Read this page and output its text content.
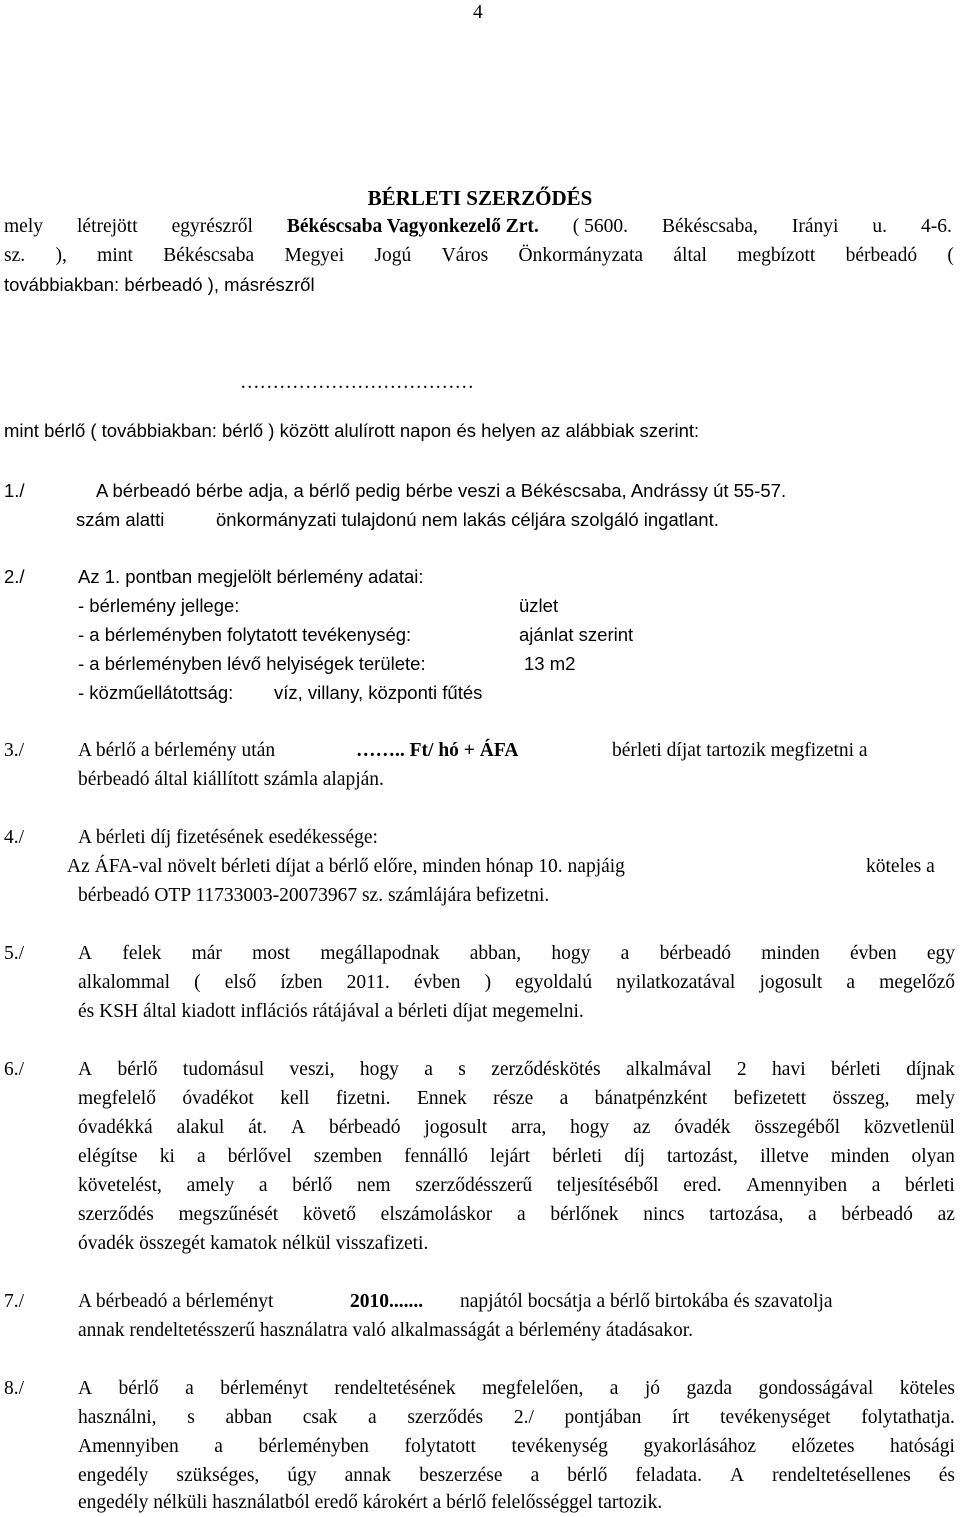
4
BÉRLETI SZERZŐDÉS
mely létrejött egyrészről Békéscsaba Vagyonkezelő Zrt. ( 5600. Békéscsaba, Irányi u. 4-6.
sz. ), mint Békéscsaba Megyei Jogú Város Önkormányzata által megbízott bérbeadó (
továbbiakban: bérbeadó ), másrészről
………………………………
mint bérlő ( továbbiakban: bérlő ) között alulírott napon és helyen az alábbiak szerint:
1./	A bérbeadó bérbe adja, a bérlő pedig bérbe veszi a Békéscsaba, Andrássy út 55-57.
szám alatti	önkormányzati tulajdonú nem lakás céljára szolgáló ingatlant.
2./	Az 1. pontban megjelölt bérlemény adatai:
- bérlemény jellege:	üzlet
- a bérleményben folytatott tevékenység:	ajánlat szerint
- a bérleményben lévő helyiségek területe:	13 m2
- közműellátottság: víz, villany, központi fűtés
3./	A bérlő a bérlemény után	…….. Ft/ hó + ÁFA	bérleti díjat tartozik megfizetni a
bérbeadó által kiállított számla alapján.
4./	A bérleti díj fizetésének esedékessége:
Az ÁFA-val növelt bérleti díjat a bérlő előre, minden hónap 10. napjáig	köteles a
bérbeadó OTP 11733003-20073967 sz. számlájára befizetni.
5./	A felek már most megállapodnak abban, hogy a bérbeadó minden évben egy
alkalommal ( első ízben 2011. évben ) egyoldalú nyilatkozatával jogosult a megelőző
és KSH által kiadott inflációs rátájával a bérleti díjat megemelni.
6./	A bérlő tudomásul veszi, hogy a s zerződéskötés alkalmával 2 havi bérleti díjnak
megfelelő óvadékot kell fizetni. Ennek része a bánatpénzként befizetett összeg, mely
óvadékká alakul át. A bérbeadó jogosult arra, hogy az óvadék összegéből közvetlenül
elégítse ki a bérlővel szemben fennálló lejárt bérleti díj tartozást, illetve minden olyan
követelést, amely a bérlő nem szerződésszerű teljesítéséből ered. Amennyiben a bérleti
szerződés megszűnését követő elszámoláskor a bérlőnek nincs tartozása, a bérbeadó az
óvadék összegét kamatok nélkül visszafizeti.
7./	A bérbeadó a bérleményt	2010....... napjától bocsátja a bérlő birtokába és szavatolja
annak rendeltetésszerű használatra való alkalmasságát a bérlemény átadásakor.
8./	A bérlő a bérleményt rendeltetésének megfelelően, a jó gazda gondosságával köteles
használni, s abban csak a szerződés 2./ pontjában írt tevékenységet folytathatja.
Amennyiben a bérleményben folytatott tevékenység gyakorlásához előzetes hatósági
engedély szükséges, úgy annak beszerzése a bérlő feladata. A rendeltetésellenes és
engedély nélküli használatból eredő károkért a bérlő felelősséggel tartozik.
